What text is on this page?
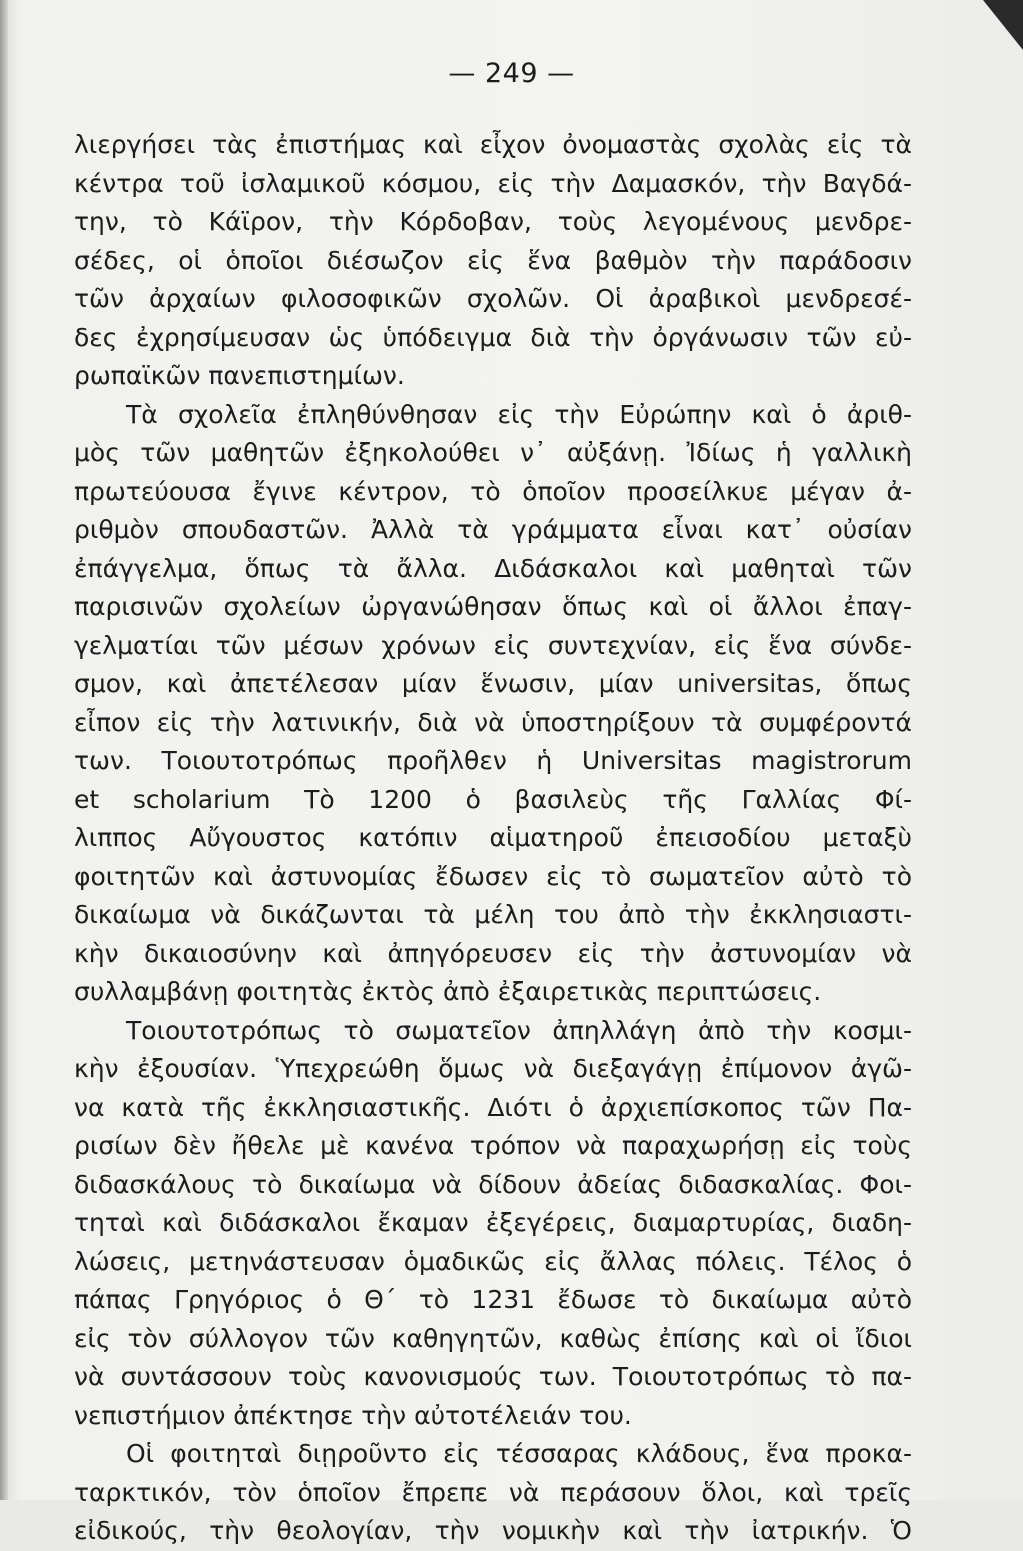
— 249 —
λιεργήσει τὰς ἐπιστήμας καὶ εἶχον ὀνομαστὰς σχολὰς εἰς τὰ
κέντρα τοῦ ἰσλαμικοῦ κόσμου, εἰς τὴν Δαμασκόν, τὴν Βαγδά-
την, τὸ Κάϊρον, τὴν Κόρδοβαν, τοὺς λεγομένους μενδρε-
σέδες, οἱ ὁποῖοι διέσωζον εἰς ἕνα βαθμὸν τὴν παράδοσιν
τῶν ἀρχαίων φιλοσοφικῶν σχολῶν. Οἱ ἀραβικοὶ μενδρεσέ-
δες ἐχρησίμευσαν ὡς ὑπόδειγμα διὰ τὴν ὀργάνωσιν τῶν εὐ-
ρωπαϊκῶν πανεπιστημίων.
Τὰ σχολεῖα ἐπληθύνθησαν εἰς τὴν Εὐρώπην καὶ ὁ ἀριθ-
μὸς τῶν μαθητῶν ἐξηκολούθει ν᾿ αὐξάνῃ. Ἰδίως ἡ γαλλικὴ
πρωτεύουσα ἔγινε κέντρον, τὸ ὁποῖον προσείλκυε μέγαν ἀ-
ριθμὸν σπουδαστῶν. Ἀλλὰ τὰ γράμματα εἶναι κατ᾿ οὐσίαν
ἐπάγγελμα, ὅπως τὰ ἄλλα. Διδάσκαλοι καὶ μαθηταὶ τῶν
παρισινῶν σχολείων ὠργανώθησαν ὅπως καὶ οἱ ἄλλοι ἐπαγ-
γελματίαι τῶν μέσων χρόνων εἰς συντεχνίαν, εἰς ἕνα σύνδε-
σμον, καὶ ἀπετέλεσαν μίαν ἕνωσιν, μίαν universitas, ὅπως
εἶπον εἰς τὴν λατινικήν, διὰ νὰ ὑποστηρίξουν τὰ συμφέροντά
των. Τοιουτοτρόπως προῆλθεν ἡ Universitas magistrorum
et scholarium Τὸ 1200 ὁ βασιλεὺς τῆς Γαλλίας Φί-
λιππος Αὔγουστος κατόπιν αἱματηροῦ ἐπεισοδίου μεταξὺ
φοιτητῶν καὶ ἀστυνομίας ἔδωσεν εἰς τὸ σωματεῖον αὐτὸ τὸ
δικαίωμα νὰ δικάζωνται τὰ μέλη του ἀπὸ τὴν ἐκκλησιαστι-
κὴν δικαιοσύνην καὶ ἀπηγόρευσεν εἰς τὴν ἀστυνομίαν νὰ
συλλαμβάνῃ φοιτητὰς ἐκτὸς ἀπὸ ἐξαιρετικὰς περιπτώσεις.
Τοιουτοτρόπως τὸ σωματεῖον ἀπηλλάγη ἀπὸ τὴν κοσμι-
κὴν ἐξουσίαν. Ὑπεχρεώθη ὅμως νὰ διεξαγάγῃ ἐπίμονον ἀγῶ-
να κατὰ τῆς ἐκκλησιαστικῆς. Διότι ὁ ἀρχιεπίσκοπος τῶν Πα-
ρισίων δὲν ἤθελε μὲ κανένα τρόπον νὰ παραχωρήσῃ εἰς τοὺς
διδασκάλους τὸ δικαίωμα νὰ δίδουν ἀδείας διδασκαλίας. Φοι-
τηταὶ καὶ διδάσκαλοι ἔκαμαν ἐξεγέρεις, διαμαρτυρίας, διαδη-
λώσεις, μετηνάστευσαν ὁμαδικῶς εἰς ἄλλας πόλεις. Τέλος ὁ
πάπας Γρηγόριος ὁ Θ΄ τὸ 1231 ἔδωσε τὸ δικαίωμα αὐτὸ
εἰς τὸν σύλλογον τῶν καθηγητῶν, καθὼς ἐπίσης καὶ οἱ ἴδιοι
νὰ συντάσσουν τοὺς κανονισμούς των. Τοιουτοτρόπως τὸ πα-
νεπιστήμιον ἀπέκτησε τὴν αὐτοτέλειάν του.
Οἱ φοιτηταὶ διῃροῦντο εἰς τέσσαρας κλάδους, ἕνα προκα-
ταρκτικόν, τὸν ὁποῖον ἔπρεπε νὰ περάσουν ὅλοι, καὶ τρεῖς
εἰδικούς, τὴν θεολογίαν, τὴν νομικὴν καὶ τὴν ἰατρικήν. Ὁ
